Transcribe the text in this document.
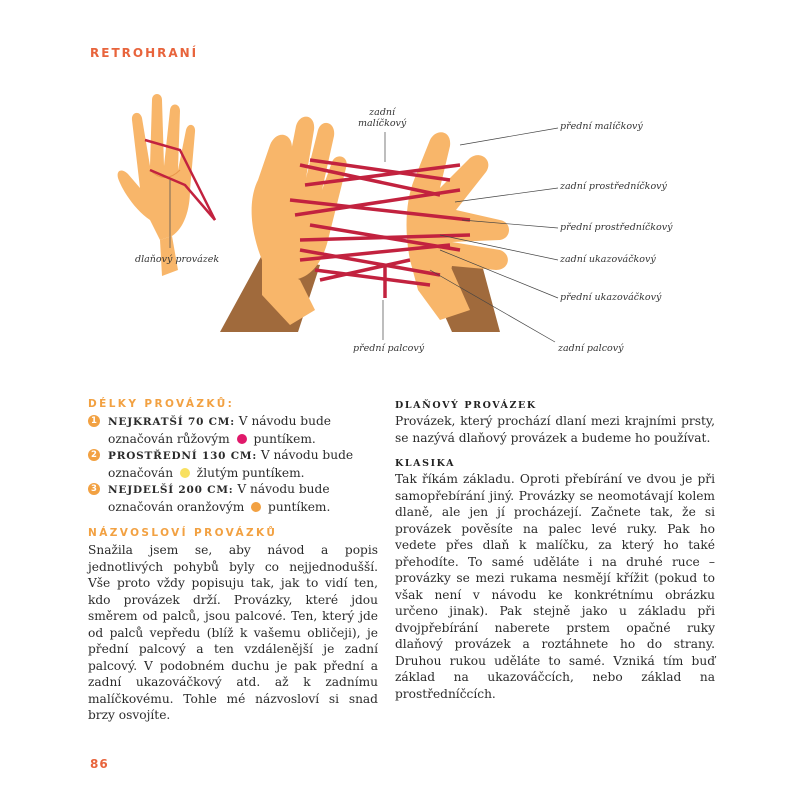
RETROHRANÍ
dlaňový provázek
zadní
malíčkový	přední malíčkový
zadní prostředníčkový
přední prostředníčkový
zadní ukazováčkový
přední ukazováčkový
přední palcový	zadní palcový
DÉLKY PROVÁZKŮ:
1 NEJKRATŠÍ 70 CM: V návodu bude označován růžovým puntíkem.
2 PROSTŘEDNÍ 130 CM: V návodu bude označován žlutým puntíkem.
3 NEJDELŠÍ 200 CM: V návodu bude označován oranžovým puntíkem.
NÁZVOSLOVÍ PROVÁZKŮ

Snažila jsem se, aby návod a popis jednotlivých pohybů byly co nejjednodušší. Vše proto vždy popisuju tak, jak to vidí ten, kdo provázek drží. Provázky, které jdou směrem od palců, jsou palcové. Ten, který jde od palců vepředu (blíž k vašemu obličeji), je přední palcový a ten vzdálenější je zadní palcový. V podobném duchu je pak přední a zadní ukazováčkový atd. až k zadnímu malíčkovému. Tohle mé názvosloví si snad brzy osvojíte.

DLAŇOVÝ PROVÁZEK

Provázek, který prochází dlaní mezi krajními prsty, se nazývá dlaňový provázek a budeme ho používat.

KLASIKA

Tak říkám základu. Oproti přebírání ve dvou je při samopřebírání jiný. Provázky se neomotávají kolem dlaně, ale jen jí procházejí. Začnete tak, že si provázek pověsíte na palec levé ruky. Pak ho vedete přes dlaň k malíčku, za který ho také přehodíte. To samé uděláte i na druhé ruce – provázky se mezi rukama nesmějí křížit (pokud to však není v návodu ke konkrétnímu obrázku určeno jinak). Pak stejně jako u základu při dvojpřebírání naberete prstem opačné ruky dlaňový provázek a roztáhnete ho do strany. Druhou rukou uděláte to samé. Vzniká tím buď základ na ukazováčcích, nebo základ na prostředníčcích.

86
